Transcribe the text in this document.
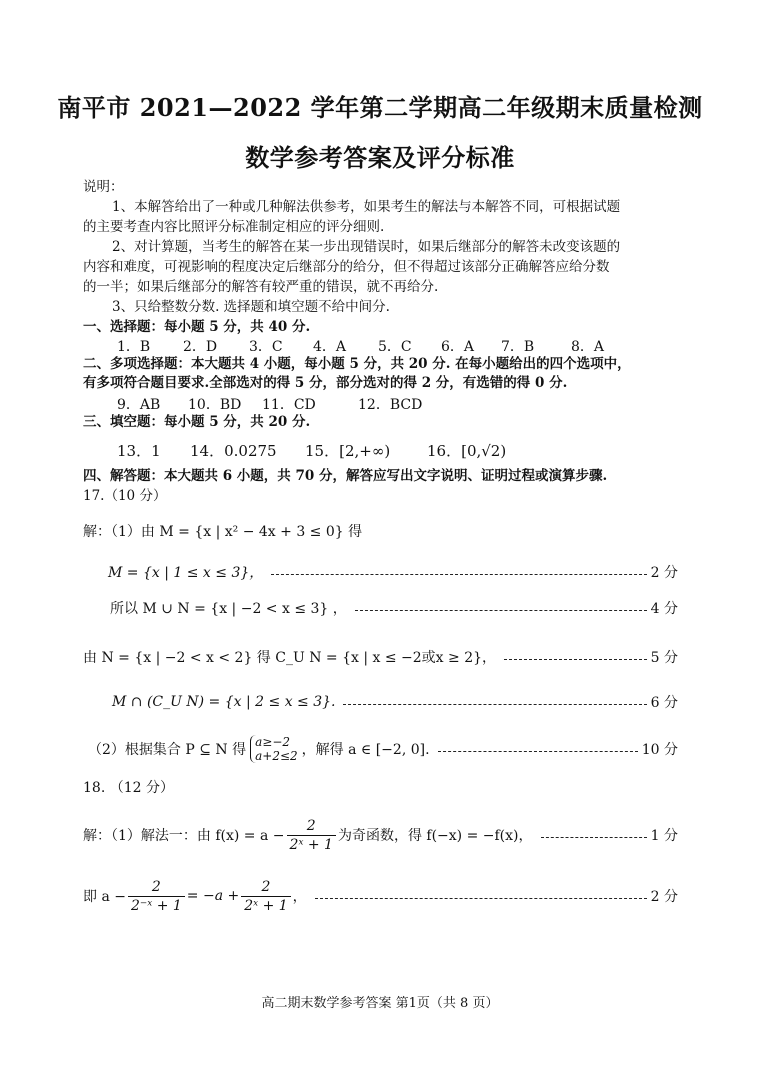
南平市 2021—2022 学年第二学期高二年级期末质量检测
数学参考答案及评分标准
说明：
1、本解答给出了一种或几种解法供参考，如果考生的解法与本解答不同，可根据试题
的主要考查内容比照评分标准制定相应的评分细则.
2、对计算题，当考生的解答在某一步出现错误时，如果后继部分的解答未改变该题的
内容和难度，可视影响的程度决定后继部分的给分，但不得超过该部分正确解答应给分数
的一半；如果后继部分的解答有较严重的错误，就不再给分.
3、只给整数分数. 选择题和填空题不给中间分.
一、选择题：每小题 5 分，共 40 分.
1．B 2．D 3．C 4．A 5．C 6．A 7．B	8．A
二、多项选择题：本大题共 4 小题，每小题 5 分，共 20 分. 在每小题给出的四个选项中，
有多项符合题目要求.全部选对的得 5 分，部分选对的得 2 分，有选错的得 0 分.
9．AB 10．BD 11．CD	12．BCD
三、填空题：每小题 5 分，共 20 分.
13．1 14．0.0275 15．[2,+∞) 16．[0,√2)
四、解答题：本大题共 6 小题，共 70 分，解答应写出文字说明、证明过程或演算步骤.
17.（10 分）
解：（1）由 M = {x | x² − 4x + 3 ≤ 0} 得
M = {x | 1 ≤ x ≤ 3}，	2 分
所以 M ∪ N = {x | −2 < x ≤ 3} ，	4 分
由 N = {x | −2 < x < 2} 得 C_U N = {x | x ≤ −2或x ≥ 2}，	5 分
M ∩ (C_U N) = {x | 2 ≤ x ≤ 3}.	6 分
（2）根据集合 P ⊆ N 得 a≥−2
a+2≤2 ，解得 a ∈ [−2, 0].	10 分
18. （12 分）
解：（1）解法一：由 $f(x) = a - \frac{2}{\text{2ˣ + 1}}$ 为奇函数，得 f(−x) = −f(x)，	1 分
即 $a - \frac{2}{\text{2⁻ˣ + 1}} = -a + \frac{2}{\text{2ˣ + 1}}$ ，	2 分
高二期末数学参考答案 第1页（共 8 页）
